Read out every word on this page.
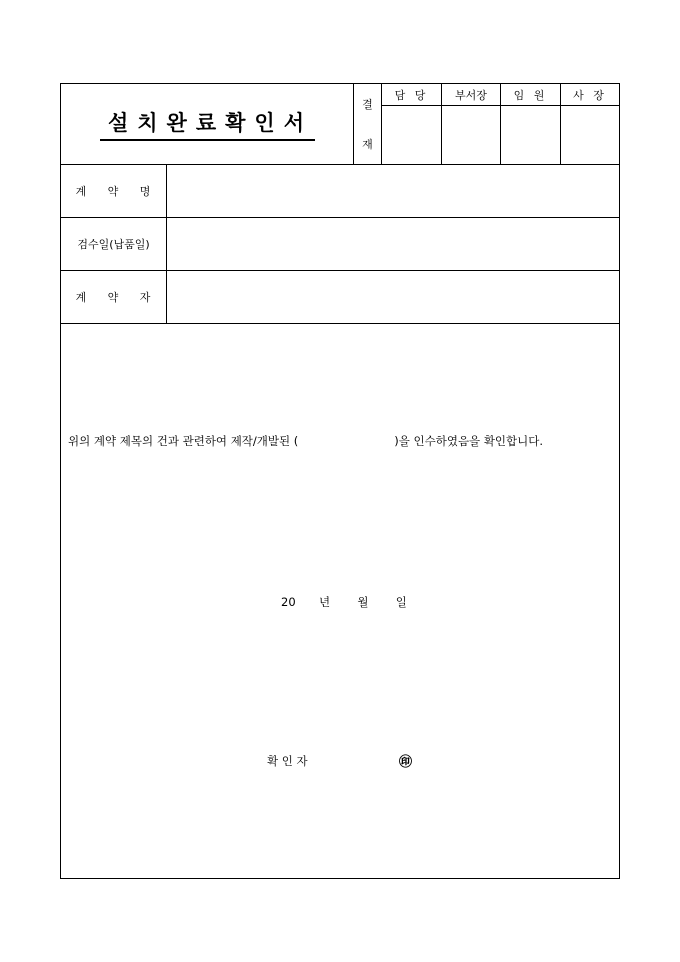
설치완료확인서
결
재
담 당	부서장	임 원	사 장
계 약 명
검수일(납품일)
계 약 자
위의 계약 제목의 건과 관련하여 제작/개발된 (	)을 인수하였음을 확인합니다.
20 년 월 일
확 인 자	㊞
